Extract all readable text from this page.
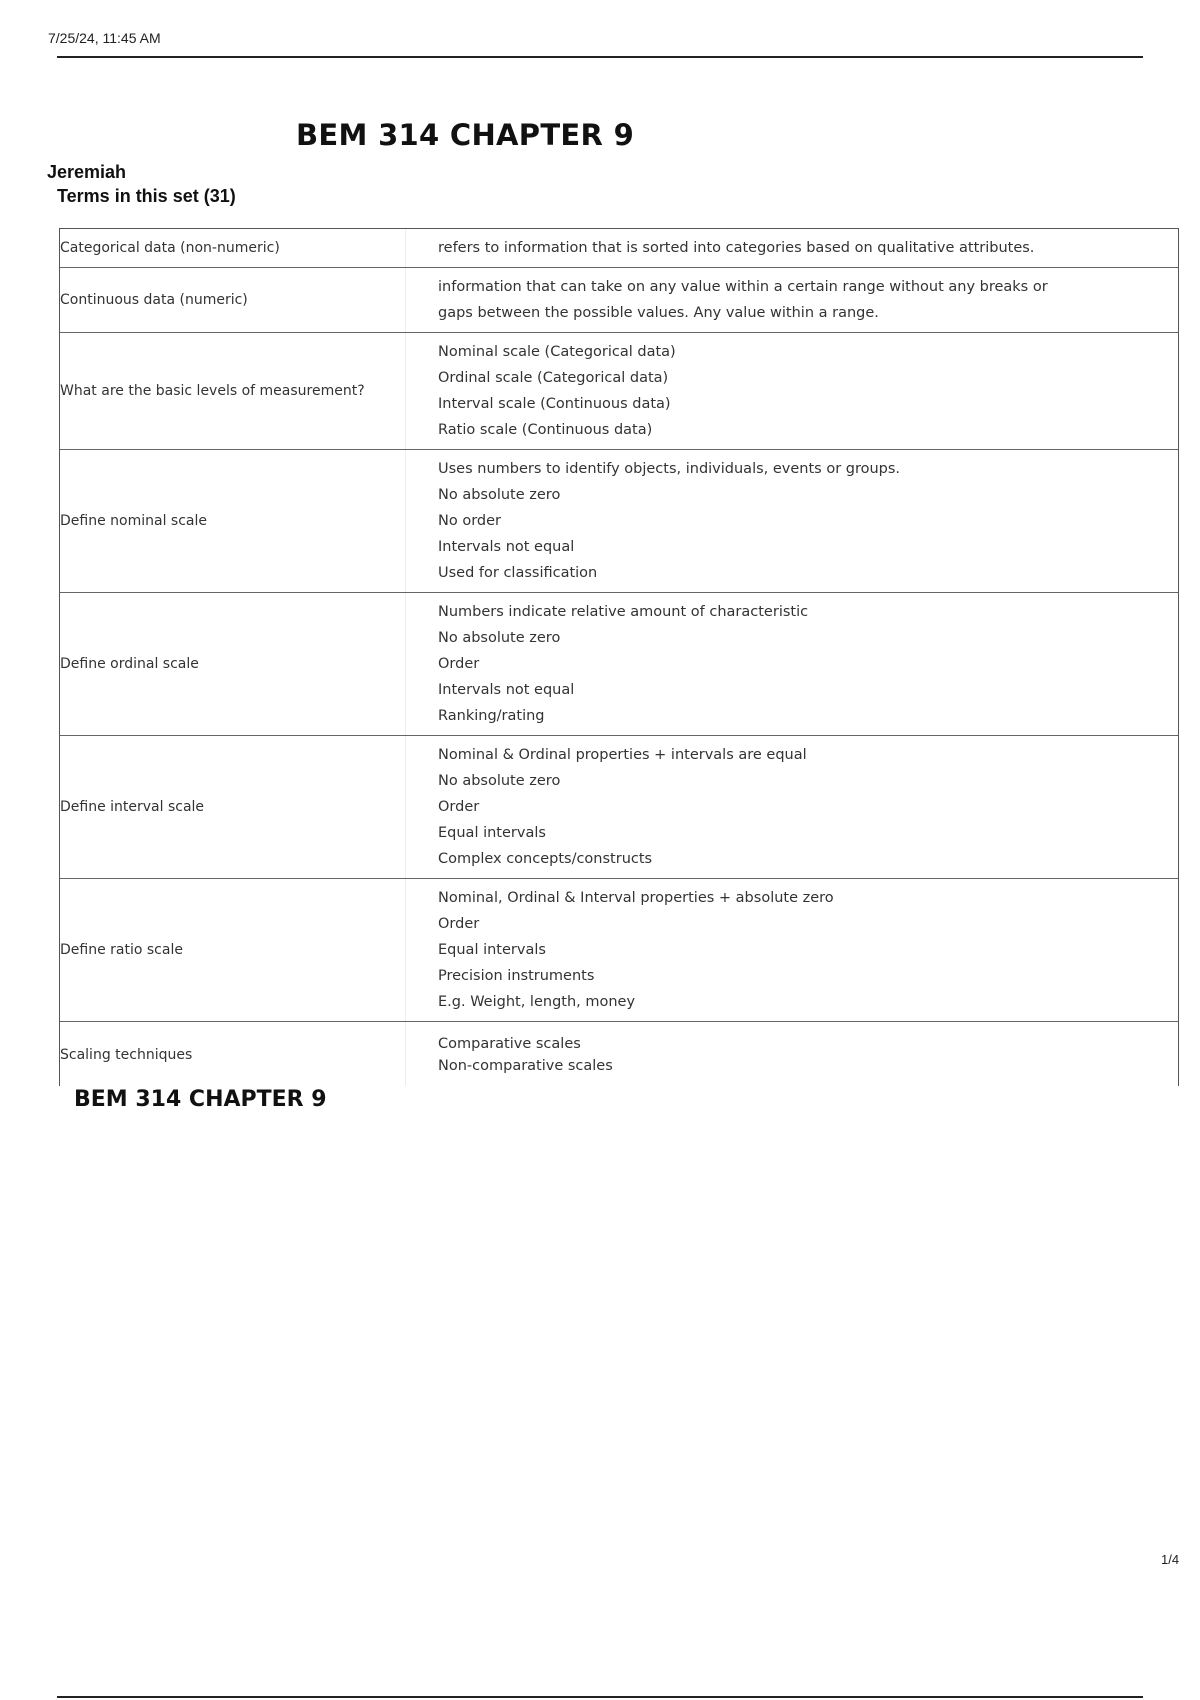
7/25/24, 11:45 AM
BEM 314 CHAPTER 9
Jeremiah
Terms in this set (31)
Categorical data (non-numeric)	refers to information that is sorted into categories based on qualitative attributes.
Continuous data (numeric)
information that can take on any value within a certain range without any breaks or
gaps between the possible values. Any value within a range.
What are the basic levels of measurement?
Nominal scale (Categorical data)
Ordinal scale (Categorical data)
Interval scale (Continuous data)
Ratio scale (Continuous data)
Define nominal scale
Uses numbers to identify objects, individuals, events or groups.
No absolute zero
No order
Intervals not equal
Used for classification
Define ordinal scale
Numbers indicate relative amount of characteristic
No absolute zero
Order
Intervals not equal
Ranking/rating
Define interval scale
Nominal & Ordinal properties + intervals are equal
No absolute zero
Order
Equal intervals
Complex concepts/constructs
Define ratio scale
Nominal, Ordinal & Interval properties + absolute zero
Order
Equal intervals
Precision instruments
E.g. Weight, length, money
Scaling techniques
Comparative scales
Non-comparative scales
BEM 314 CHAPTER 9
1/4
